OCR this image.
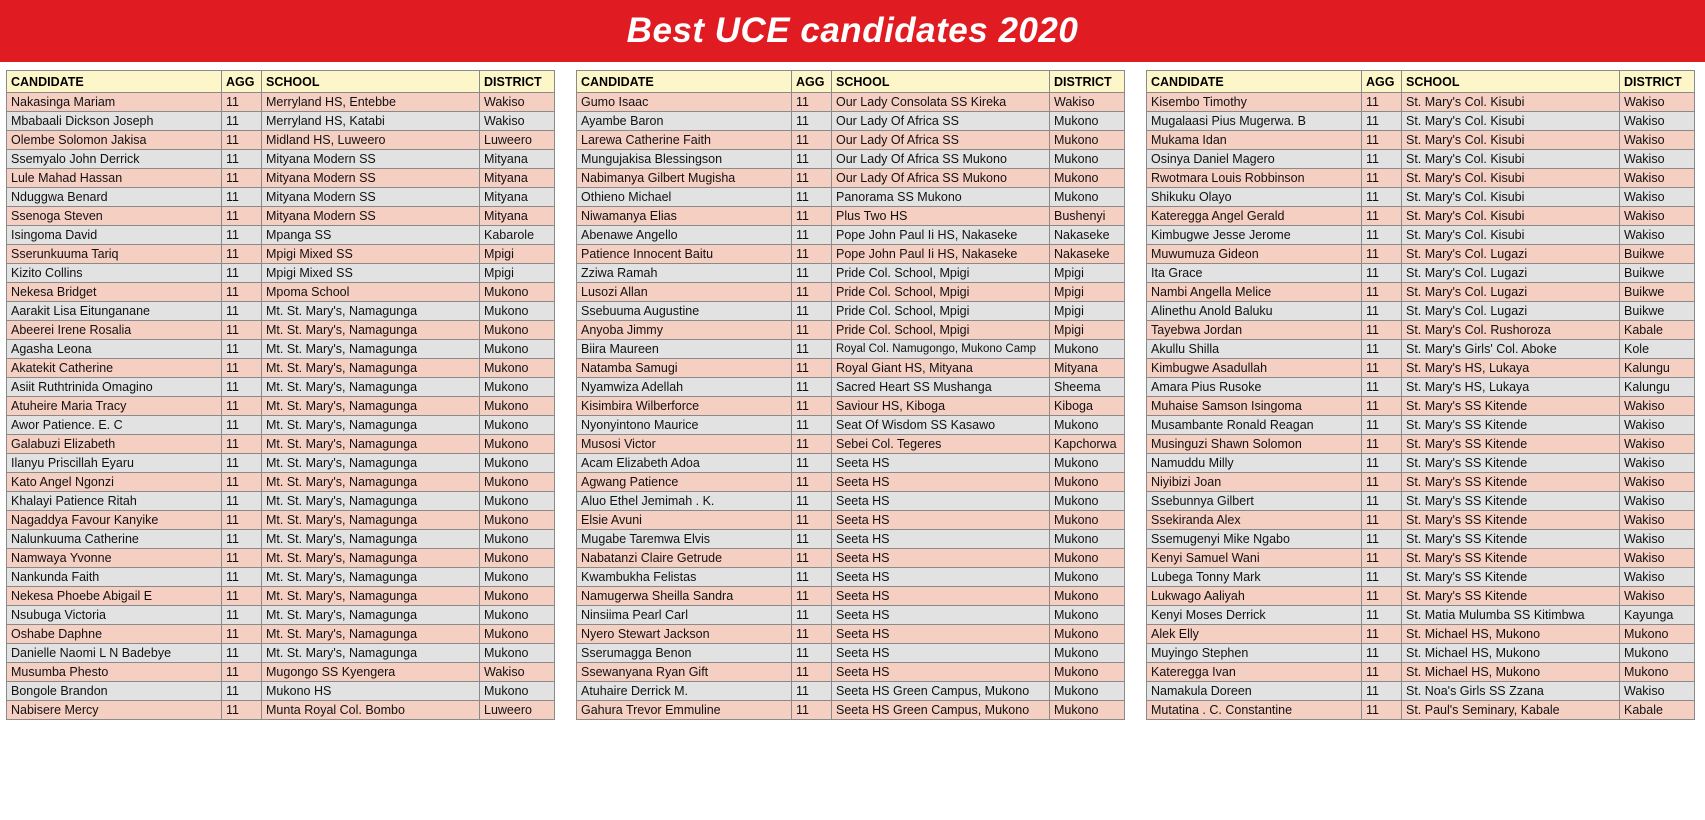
Best UCE candidates 2020
CANDIDATE	AGG	SCHOOL	DISTRICT
Nakasinga Mariam	11	Merryland HS, Entebbe	Wakiso
Mbabaali Dickson Joseph	11	Merryland HS, Katabi	Wakiso
Olembe Solomon Jakisa	11	Midland HS, Luweero	Luweero
Ssemyalo John Derrick	11	Mityana Modern SS	Mityana
Lule Mahad Hassan	11	Mityana Modern SS	Mityana
Nduggwa Benard	11	Mityana Modern SS	Mityana
Ssenoga Steven	11	Mityana Modern SS	Mityana
Isingoma David	11	Mpanga SS	Kabarole
Sserunkuuma Tariq	11	Mpigi Mixed SS	Mpigi
Kizito Collins	11	Mpigi Mixed SS	Mpigi
Nekesa Bridget	11	Mpoma School	Mukono
Aarakit Lisa Eitunganane	11	Mt. St. Mary's, Namagunga	Mukono
Abeerei Irene Rosalia	11	Mt. St. Mary's, Namagunga	Mukono
Agasha Leona	11	Mt. St. Mary's, Namagunga	Mukono
Akatekit Catherine	11	Mt. St. Mary's, Namagunga	Mukono
Asiit Ruthtrinida Omagino	11	Mt. St. Mary's, Namagunga	Mukono
Atuheire Maria Tracy	11	Mt. St. Mary's, Namagunga	Mukono
Awor Patience. E. C	11	Mt. St. Mary's, Namagunga	Mukono
Galabuzi Elizabeth	11	Mt. St. Mary's, Namagunga	Mukono
Ilanyu Priscillah Eyaru	11	Mt. St. Mary's, Namagunga	Mukono
Kato Angel Ngonzi	11	Mt. St. Mary's, Namagunga	Mukono
Khalayi Patience Ritah	11	Mt. St. Mary's, Namagunga	Mukono
Nagaddya Favour Kanyike	11	Mt. St. Mary's, Namagunga	Mukono
Nalunkuuma Catherine	11	Mt. St. Mary's, Namagunga	Mukono
Namwaya Yvonne	11	Mt. St. Mary's, Namagunga	Mukono
Nankunda Faith	11	Mt. St. Mary's, Namagunga	Mukono
Nekesa Phoebe Abigail E	11	Mt. St. Mary's, Namagunga	Mukono
Nsubuga Victoria	11	Mt. St. Mary's, Namagunga	Mukono
Oshabe Daphne	11	Mt. St. Mary's, Namagunga	Mukono
Danielle Naomi L N Badebye	11	Mt. St. Mary's, Namagunga	Mukono
Musumba Phesto	11	Mugongo SS Kyengera	Wakiso
Bongole Brandon	11	Mukono HS	Mukono
Nabisere Mercy	11	Munta Royal Col. Bombo	Luweero
CANDIDATE	AGG	SCHOOL	DISTRICT
Gumo Isaac	11	Our Lady Consolata SS Kireka	Wakiso
Ayambe Baron	11	Our Lady Of Africa SS	Mukono
Larewa Catherine Faith	11	Our Lady Of Africa SS	Mukono
Mungujakisa Blessingson	11	Our Lady Of Africa SS Mukono	Mukono
Nabimanya Gilbert Mugisha	11	Our Lady Of Africa SS Mukono	Mukono
Othieno Michael	11	Panorama SS Mukono	Mukono
Niwamanya Elias	11	Plus Two HS	Bushenyi
Abenawe Angello	11	Pope John Paul Ii HS, Nakaseke	Nakaseke
Patience Innocent Baitu	11	Pope John Paul Ii HS, Nakaseke	Nakaseke
Zziwa Ramah	11	Pride Col. School, Mpigi	Mpigi
Lusozi Allan	11	Pride Col. School, Mpigi	Mpigi
Ssebuuma Augustine	11	Pride Col. School, Mpigi	Mpigi
Anyoba Jimmy	11	Pride Col. School, Mpigi	Mpigi
Biira Maureen	11	Royal Col. Namugongo, Mukono Camp	Mukono
Natamba Samugi	11	Royal Giant HS, Mityana	Mityana
Nyamwiza Adellah	11	Sacred Heart SS Mushanga	Sheema
Kisimbira Wilberforce	11	Saviour HS, Kiboga	Kiboga
Nyonyintono Maurice	11	Seat Of Wisdom SS Kasawo	Mukono
Musosi Victor	11	Sebei Col. Tegeres	Kapchorwa
Acam Elizabeth Adoa	11	Seeta HS	Mukono
Agwang Patience	11	Seeta HS	Mukono
Aluo Ethel Jemimah . K.	11	Seeta HS	Mukono
Elsie Avuni	11	Seeta HS	Mukono
Mugabe Taremwa Elvis	11	Seeta HS	Mukono
Nabatanzi Claire Getrude	11	Seeta HS	Mukono
Kwambukha Felistas	11	Seeta HS	Mukono
Namugerwa Sheilla Sandra	11	Seeta HS	Mukono
Ninsiima Pearl Carl	11	Seeta HS	Mukono
Nyero Stewart Jackson	11	Seeta HS	Mukono
Sserumagga Benon	11	Seeta HS	Mukono
Ssewanyana Ryan Gift	11	Seeta HS	Mukono
Atuhaire Derrick M.	11	Seeta HS Green Campus, Mukono	Mukono
Gahura Trevor Emmuline	11	Seeta HS Green Campus, Mukono	Mukono
CANDIDATE	AGG	SCHOOL	DISTRICT
Kisembo Timothy	11	St. Mary's Col. Kisubi	Wakiso
Mugalaasi Pius Mugerwa. B	11	St. Mary's Col. Kisubi	Wakiso
Mukama Idan	11	St. Mary's Col. Kisubi	Wakiso
Osinya Daniel Magero	11	St. Mary's Col. Kisubi	Wakiso
Rwotmara Louis Robbinson	11	St. Mary's Col. Kisubi	Wakiso
Shikuku Olayo	11	St. Mary's Col. Kisubi	Wakiso
Kateregga Angel Gerald	11	St. Mary's Col. Kisubi	Wakiso
Kimbugwe Jesse Jerome	11	St. Mary's Col. Kisubi	Wakiso
Muwumuza Gideon	11	St. Mary's Col. Lugazi	Buikwe
Ita Grace	11	St. Mary's Col. Lugazi	Buikwe
Nambi Angella Melice	11	St. Mary's Col. Lugazi	Buikwe
Alinethu Anold Baluku	11	St. Mary's Col. Lugazi	Buikwe
Tayebwa Jordan	11	St. Mary's Col. Rushoroza	Kabale
Akullu Shilla	11	St. Mary's Girls' Col. Aboke	Kole
Kimbugwe Asadullah	11	St. Mary's HS, Lukaya	Kalungu
Amara Pius Rusoke	11	St. Mary's HS, Lukaya	Kalungu
Muhaise Samson Isingoma	11	St. Mary's SS Kitende	Wakiso
Musambante Ronald Reagan	11	St. Mary's SS Kitende	Wakiso
Musinguzi Shawn Solomon	11	St. Mary's SS Kitende	Wakiso
Namuddu Milly	11	St. Mary's SS Kitende	Wakiso
Niyibizi Joan	11	St. Mary's SS Kitende	Wakiso
Ssebunnya Gilbert	11	St. Mary's SS Kitende	Wakiso
Ssekiranda Alex	11	St. Mary's SS Kitende	Wakiso
Ssemugenyi Mike Ngabo	11	St. Mary's SS Kitende	Wakiso
Kenyi Samuel Wani	11	St. Mary's SS Kitende	Wakiso
Lubega Tonny Mark	11	St. Mary's SS Kitende	Wakiso
Lukwago Aaliyah	11	St. Mary's SS Kitende	Wakiso
Kenyi Moses Derrick	11	St. Matia Mulumba SS Kitimbwa	Kayunga
Alek Elly	11	St. Michael HS, Mukono	Mukono
Muyingo Stephen	11	St. Michael HS, Mukono	Mukono
Kateregga Ivan	11	St. Michael HS, Mukono	Mukono
Namakula Doreen	11	St. Noa's Girls SS Zzana	Wakiso
Mutatina . C. Constantine	11	St. Paul's Seminary, Kabale	Kabale
